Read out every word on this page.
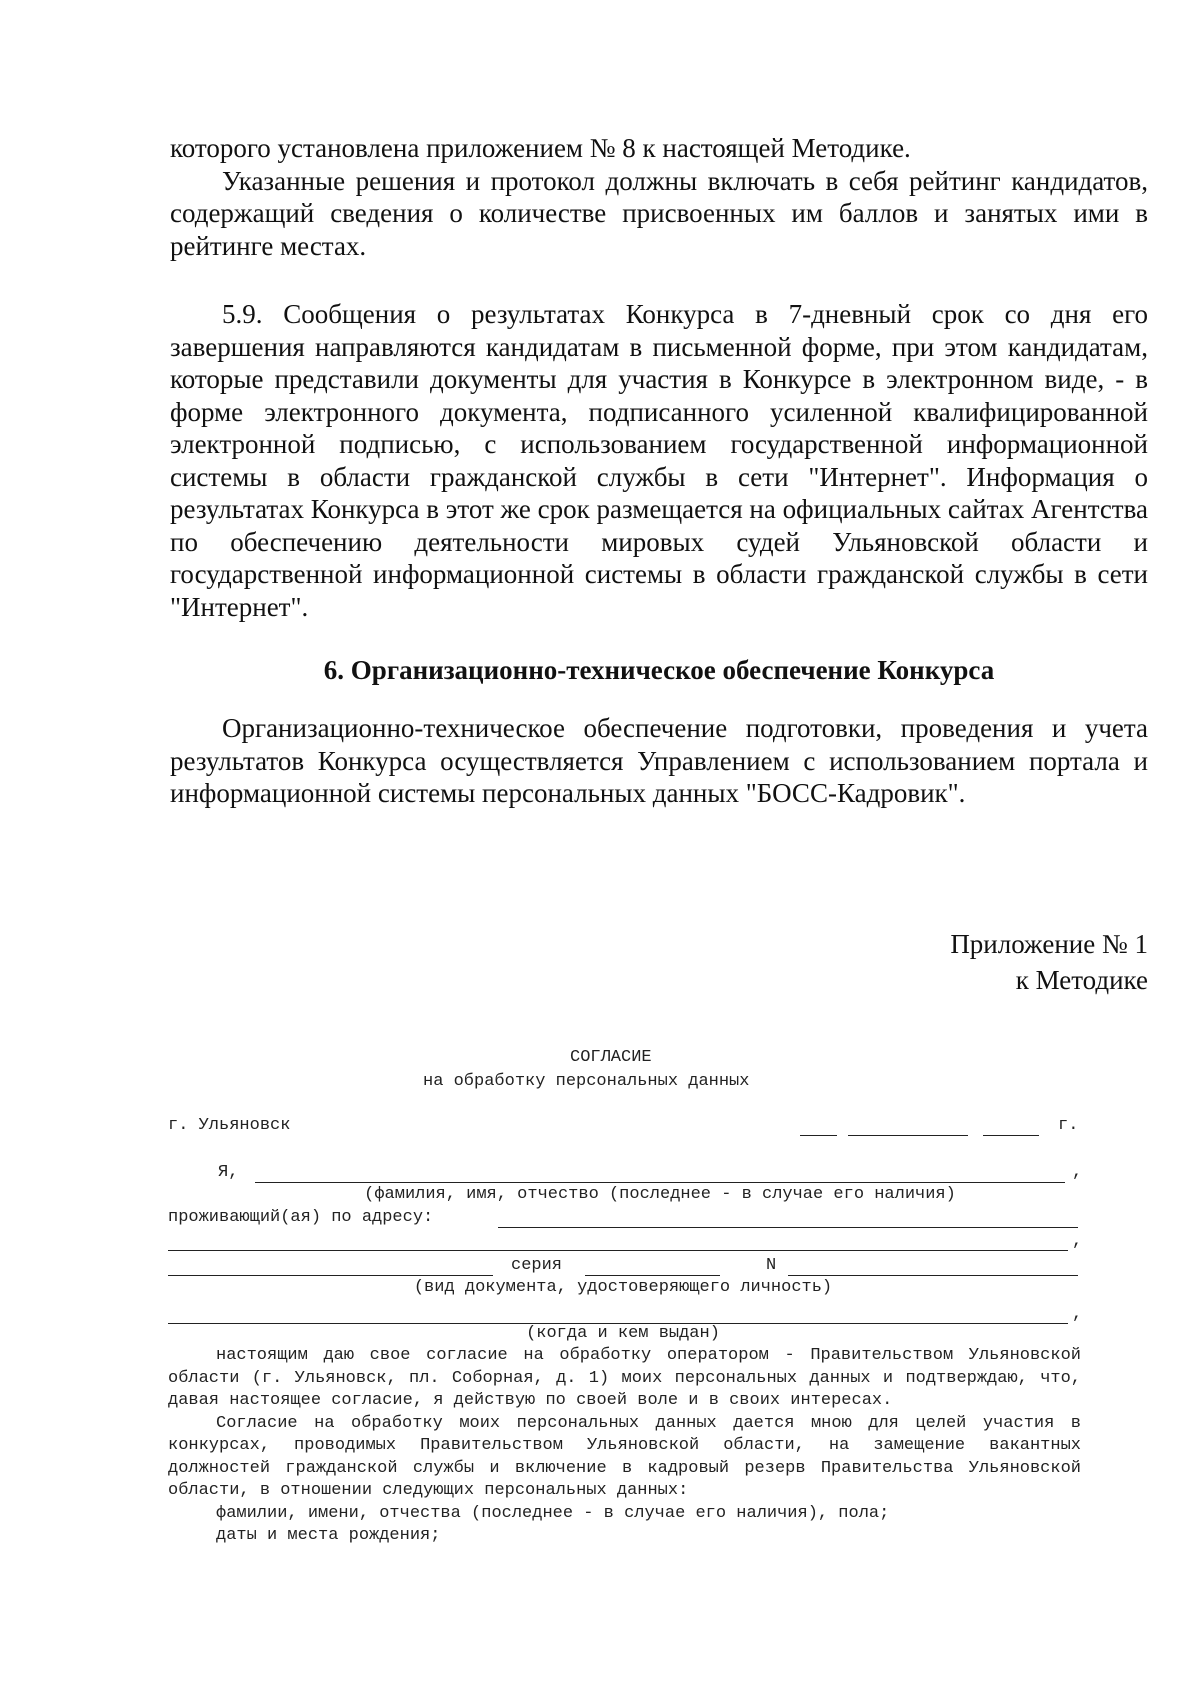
которого установлена приложением № 8 к настоящей Методике.

Указанные решения и протокол должны включать в себя рейтинг кандидатов, содержащий сведения о количестве присвоенных им баллов и занятых ими в рейтинге местах.

5.9. Сообщения о результатах Конкурса в 7-дневный срок со дня его завершения направляются кандидатам в письменной форме, при этом кандидатам, которые представили документы для участия в Конкурсе в электронном виде, - в форме электронного документа, подписанного усиленной квалифицированной электронной подписью, с использованием государственной информационной системы в области гражданской службы в сети "Интернет". Информация о результатах Конкурса в этот же срок размещается на официальных сайтах Агентства по обеспечению деятельности мировых судей Ульяновской области и государственной информационной системы в области гражданской службы в сети "Интернет".

6. Организационно-техническое обеспечение Конкурса

Организационно-техническое обеспечение подготовки, проведения и учета результатов Конкурса осуществляется Управлением с использованием портала и информационной системы персональных данных "БОСС-Кадровик".

Приложение № 1
к Методике
СОГЛАСИЕ
на обработку персональных данных
г. Ульяновск	г.
Я,	,
(фамилия, имя, отчество (последнее - в случае его наличия)
проживающий(ая) по адресу:
,
серия	N
(вид документа, удостоверяющего личность)
,
(когда и кем выдан)

настоящим даю свое согласие на обработку оператором - Правительством Ульяновской области (г. Ульяновск, пл. Соборная, д. 1) моих персональных данных и подтверждаю, что, давая настоящее согласие, я действую по своей воле и в своих интересах.

Согласие на обработку моих персональных данных дается мною для целей участия в конкурсах, проводимых Правительством Ульяновской области, на замещение вакантных должностей гражданской службы и включение в кадровый резерв Правительства Ульяновской области, в отношении следующих персональных данных:

фамилии, имени, отчества (последнее - в случае его наличия), пола;

даты и места рождения;
